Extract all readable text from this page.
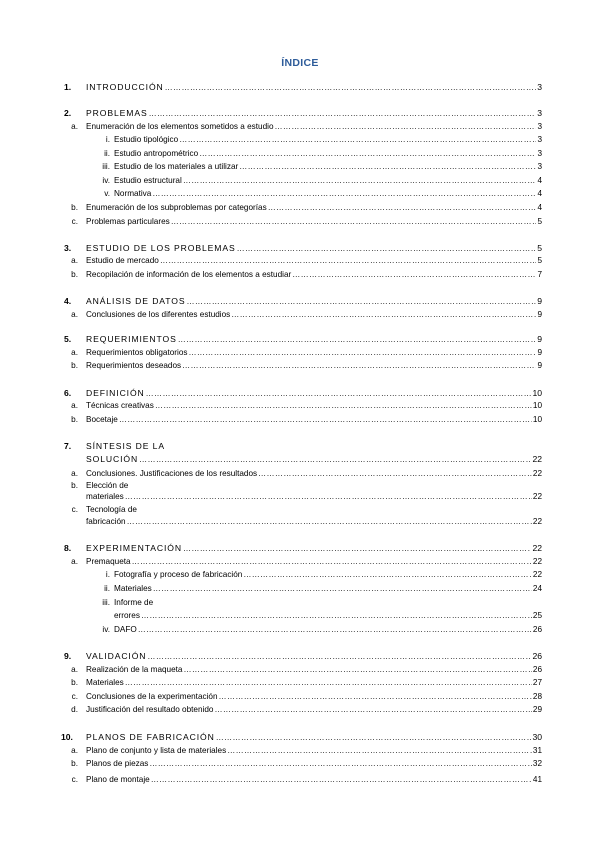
ÍNDICE
1. INTRODUCCIÓN …………………………………………………………………………………………………………………………………………………………………………………………………………………………………………………………………	3
2. PROBLEMAS …………………………………………………………………………………………………………………………………………………………………………………………………………………………………………………………………	3
a. Enumeración de los elementos sometidos a estudio …………………………………………………………………………………………………………………………………………………………………………………………………………………………………………………………………	3
i. Estudio tipológico …………………………………………………………………………………………………………………………………………………………………………………………………………………………………………………………………	3
ii. Estudio antropométrico …………………………………………………………………………………………………………………………………………………………………………………………………………………………………………………………………	3
iii. Estudio de los materiales a utilizar …………………………………………………………………………………………………………………………………………………………………………………………………………………………………………………………………	3
iv. Estudio estructural …………………………………………………………………………………………………………………………………………………………………………………………………………………………………………………………………	4
v. Normativa …………………………………………………………………………………………………………………………………………………………………………………………………………………………………………………………………	4
b. Enumeración de los subproblemas por categorías …………………………………………………………………………………………………………………………………………………………………………………………………………………………………………………………………	4
c. Problemas particulares …………………………………………………………………………………………………………………………………………………………………………………………………………………………………………………………………	5
3. ESTUDIO DE LOS PROBLEMAS …………………………………………………………………………………………………………………………………………………………………………………………………………………………………………………………………	5
a. Estudio de mercado …………………………………………………………………………………………………………………………………………………………………………………………………………………………………………………………………	5
b. Recopilación de información de los elementos a estudiar …………………………………………………………………………………………………………………………………………………………………………………………………………………………………………………………………	7
4. ANÁLISIS DE DATOS …………………………………………………………………………………………………………………………………………………………………………………………………………………………………………………………………	9
a. Conclusiones de los diferentes estudios …………………………………………………………………………………………………………………………………………………………………………………………………………………………………………………………………	9
5. REQUERIMIENTOS …………………………………………………………………………………………………………………………………………………………………………………………………………………………………………………………………	9
a. Requerimientos obligatorios …………………………………………………………………………………………………………………………………………………………………………………………………………………………………………………………………	9
b. Requerimientos deseados …………………………………………………………………………………………………………………………………………………………………………………………………………………………………………………………………	9
6. DEFINICIÓN …………………………………………………………………………………………………………………………………………………………………………………………………………………………………………………………………	10
a. Técnicas creativas …………………………………………………………………………………………………………………………………………………………………………………………………………………………………………………………………	10
b. Bocetaje …………………………………………………………………………………………………………………………………………………………………………………………………………………………………………………………………	10
7. SÍNTESIS DE LA
SOLUCIÓN …………………………………………………………………………………………………………………………………………………………………………………………………………………………………………………………………	22
a. Conclusiones. Justificaciones de los resultados …………………………………………………………………………………………………………………………………………………………………………………………………………………………………………………………………	22
b. Elección de
materiales …………………………………………………………………………………………………………………………………………………………………………………………………………………………………………………………………	22
c. Tecnología de
fabricación …………………………………………………………………………………………………………………………………………………………………………………………………………………………………………………………………	22
8. EXPERIMENTACIÓN …………………………………………………………………………………………………………………………………………………………………………………………………………………………………………………………………	22
a. Premaqueta …………………………………………………………………………………………………………………………………………………………………………………………………………………………………………………………………	22
i. Fotografía y proceso de fabricación …………………………………………………………………………………………………………………………………………………………………………………………………………………………………………………………………	22
ii. Materiales …………………………………………………………………………………………………………………………………………………………………………………………………………………………………………………………………	24
iii. Informe de
errores …………………………………………………………………………………………………………………………………………………………………………………………………………………………………………………………………	25
iv. DAFO …………………………………………………………………………………………………………………………………………………………………………………………………………………………………………………………………	26
9. VALIDACIÓN …………………………………………………………………………………………………………………………………………………………………………………………………………………………………………………………………	26
a. Realización de la maqueta …………………………………………………………………………………………………………………………………………………………………………………………………………………………………………………………………	26
b. Materiales …………………………………………………………………………………………………………………………………………………………………………………………………………………………………………………………………	27
c. Conclusiones de la experimentación …………………………………………………………………………………………………………………………………………………………………………………………………………………………………………………………………	28
d. Justificación del resultado obtenido …………………………………………………………………………………………………………………………………………………………………………………………………………………………………………………………………	29
10. PLANOS DE FABRICACIÓN …………………………………………………………………………………………………………………………………………………………………………………………………………………………………………………………………	30
a. Plano de conjunto y lista de materiales …………………………………………………………………………………………………………………………………………………………………………………………………………………………………………………………………	31
b. Planos de piezas …………………………………………………………………………………………………………………………………………………………………………………………………………………………………………………………………	32
c. Plano de montaje …………………………………………………………………………………………………………………………………………………………………………………………………………………………………………………………………	41
